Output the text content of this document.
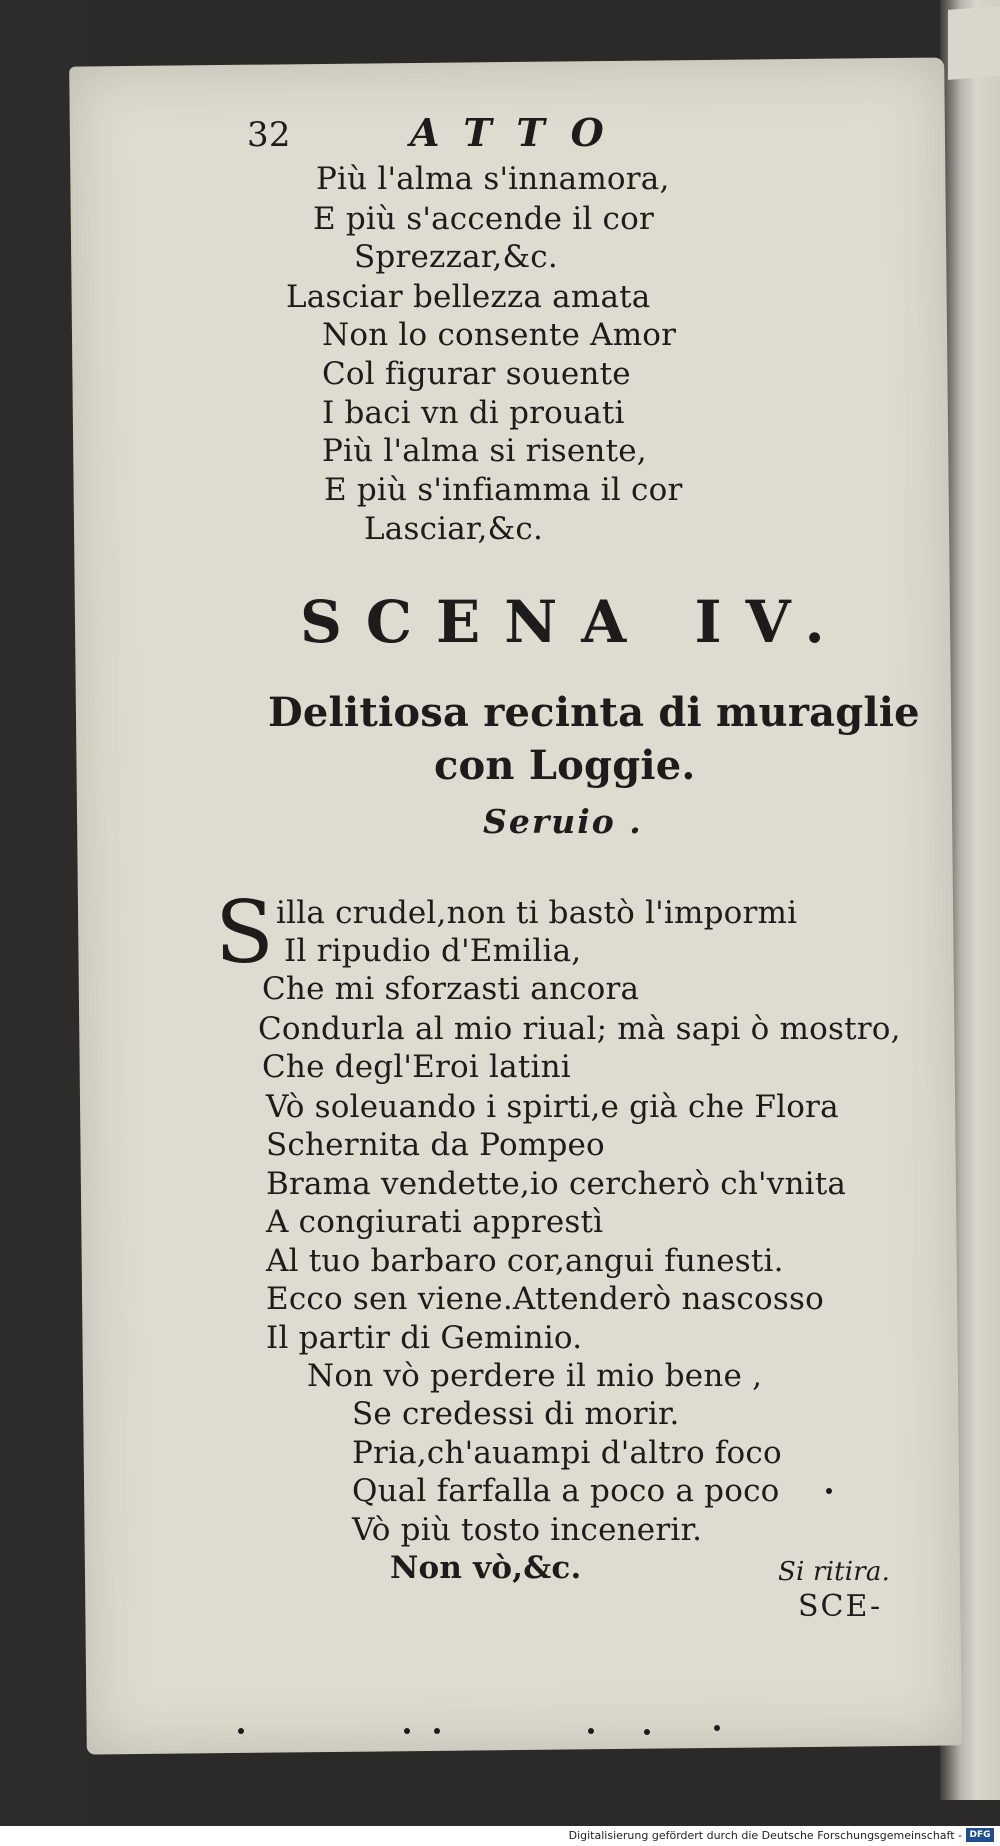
32	ATTO
Più l'alma s'innamora,
E più s'accende il cor
Sprezzar,&c.
Lasciar bellezza amata
Non lo consente Amor
Col figurar souente
I baci vn di prouati
Più l'alma si risente,
E più s'infiamma il cor
Lasciar,&c.
SCENA IV.
Delitiosa recinta di muraglie
con Loggie.
Seruio .
S illa crudel,non ti bastò l'impormi
Il ripudio d'Emilia,
Che mi sforzasti ancora
Condurla al mio riual; mà sapi ò mostro,
Che degl'Eroi latini
Vò soleuando i spirti,e già che Flora
Schernita da Pompeo
Brama vendette,io cercherò ch'vnita
A congiurati apprestì
Al tuo barbaro cor,angui funesti.
Ecco sen viene.Attenderò nascosso
Il partir di Geminio.
Non vò perdere il mio bene ,
Se credessi di morir.
Pria,ch'auampi d'altro foco
Qual farfalla a poco a poco
Vò più tosto incenerir.
Non vò,&c.	Si ritira.
SCE-
Digitalisierung gefördert durch die Deutsche Forschungsgemeinschaft - DFG
